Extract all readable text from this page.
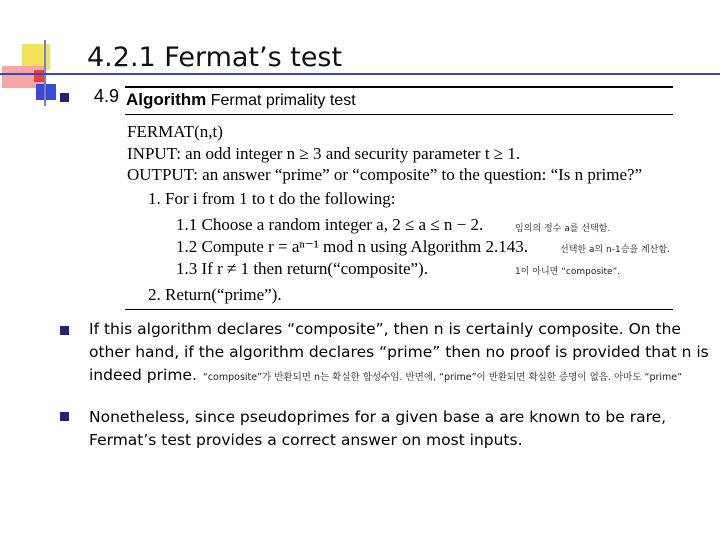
4.2.1 Fermat’s test
4.9 Algorithm Fermat primality test
FERMAT(n,t)
INPUT: an odd integer n ≥ 3 and security parameter t ≥ 1.
OUTPUT: an answer “prime” or “composite” to the question: “Is n prime?”
1. For i from 1 to t do the following:
1.1 Choose a random integer a, 2 ≤ a ≤ n − 2.
1.2 Compute r = aⁿ⁻¹ mod n using Algorithm 2.143.
1.3 If r ≠ 1 then return(“composite”).
2. Return(“prime”).
임의의 정수 a를 선택함.
선택한 a의 n-1승을 계산함.
1이 아니면 “composite”.
If this algorithm declares “composite”, then n is certainly composite. On the other hand, if the algorithm declares “prime” then no proof is provided that n is indeed prime. “composite”가 반환되면 n는 확실한 합성수임. 반면에, “prime”이 반환되면 확실한 증명이 없음. 아마도 “prime”
Nonetheless, since pseudoprimes for a given base a are known to be rare, Fermat’s test provides a correct answer on most inputs.
